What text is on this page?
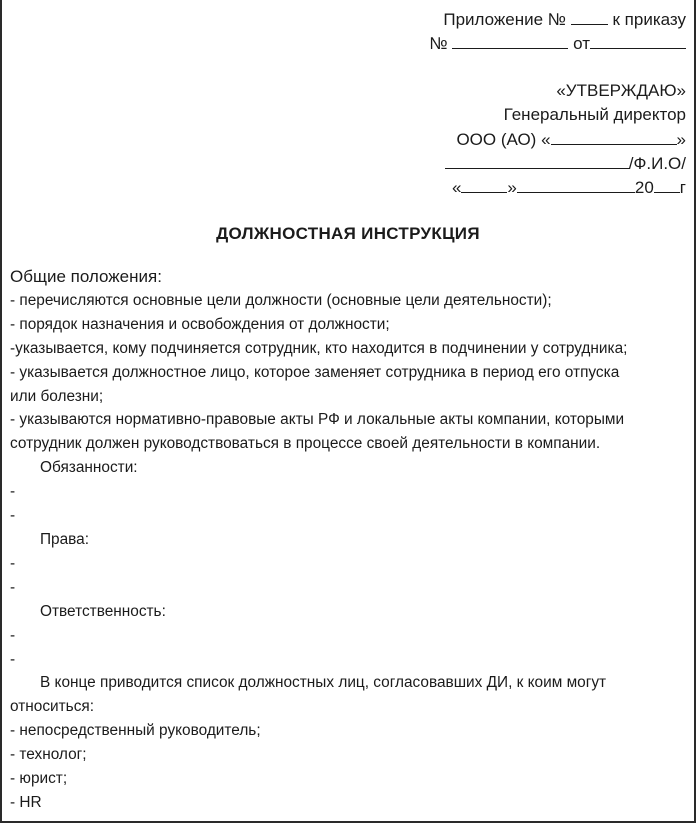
Приложение №	к приказу

№	от

«УТВЕРЖДАЮ»

Генеральный директор

ООО (АО) «	»

/Ф.И.О/

«	»	20 г

ДОЛЖНОСТНАЯ ИНСТРУКЦИЯ

Общие положения:

- перечисляются основные цели должности (основные цели деятельности);

- порядок назначения и освобождения от должности;

-указывается, кому подчиняется сотрудник, кто находится в подчинении у сотрудника;

- указывается должностное лицо, которое заменяет сотрудника в период его отпуска

или болезни;

- указываются нормативно-правовые акты РФ и локальные акты компании, которыми

сотрудник должен руководствоваться в процессе своей деятельности в компании.

Обязанности:

-

-

Права:

-

-

Ответственность:

-

-

В конце приводится список должностных лиц, согласовавших ДИ, к коим могут

относиться:

- непосредственный руководитель;

- технолог;

- юрист;

- HR
